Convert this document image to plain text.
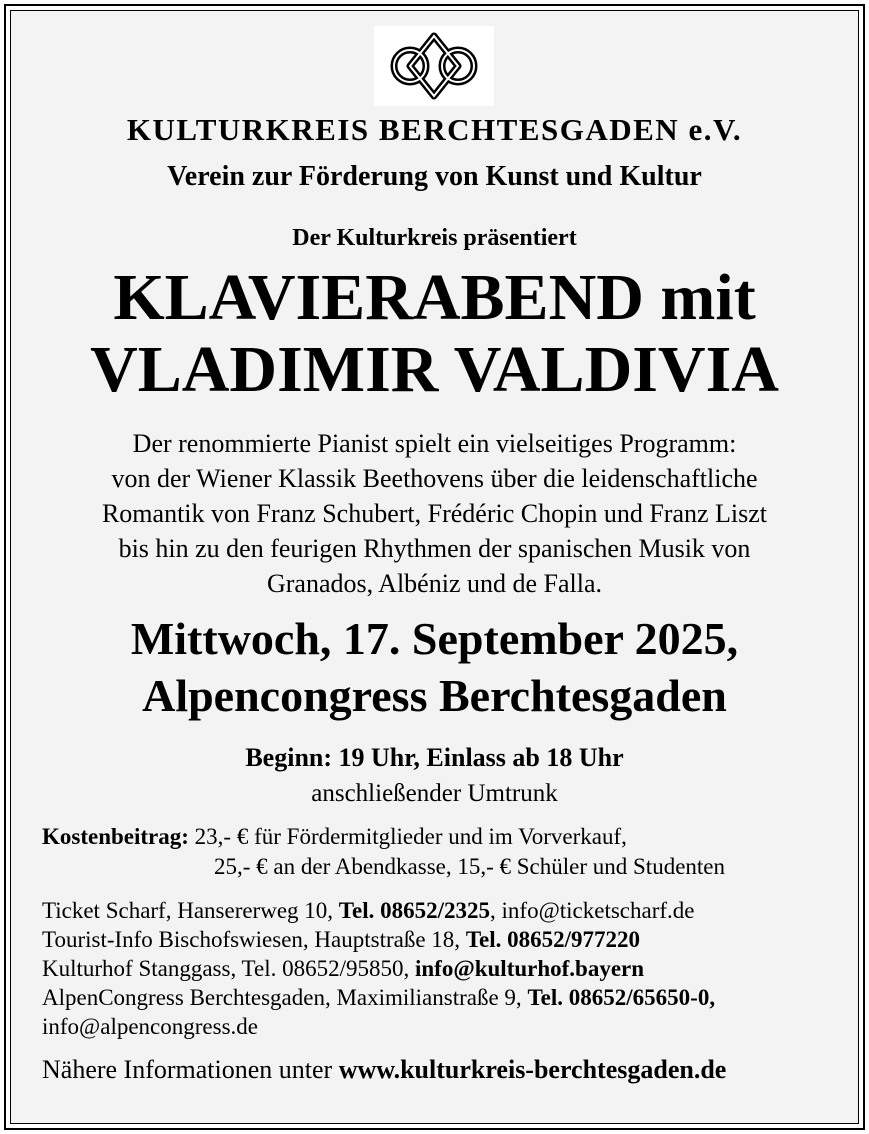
KULTURKREIS BERCHTESGADEN e.V.
Verein zur Förderung von Kunst und Kultur
Der Kulturkreis präsentiert
KLAVIERABEND mit
VLADIMIR VALDIVIA
Der renommierte Pianist spielt ein vielseitiges Programm:
von der Wiener Klassik Beethovens über die leidenschaftliche
Romantik von Franz Schubert, Frédéric Chopin und Franz Liszt
bis hin zu den feurigen Rhythmen der spanischen Musik von
Granados, Albéniz und de Falla.
Mittwoch, 17. September 2025,
Alpencongress Berchtesgaden
Beginn: 19 Uhr, Einlass ab 18 Uhr
anschließender Umtrunk
Kostenbeitrag: 23,- € für Fördermitglieder und im Vorverkauf,
25,- € an der Abendkasse, 15,- € Schüler und Studenten
Ticket Scharf, Hansererweg 10, Tel. 08652/2325, info@ticketscharf.de
Tourist-Info Bischofswiesen, Hauptstraße 18, Tel. 08652/977220
Kulturhof Stanggass, Tel. 08652/95850, info@kulturhof.bayern
AlpenCongress Berchtesgaden, Maximilianstraße 9, Tel. 08652/65650-0,
info@alpencongress.de
Nähere Informationen unter www.kulturkreis-berchtesgaden.de
